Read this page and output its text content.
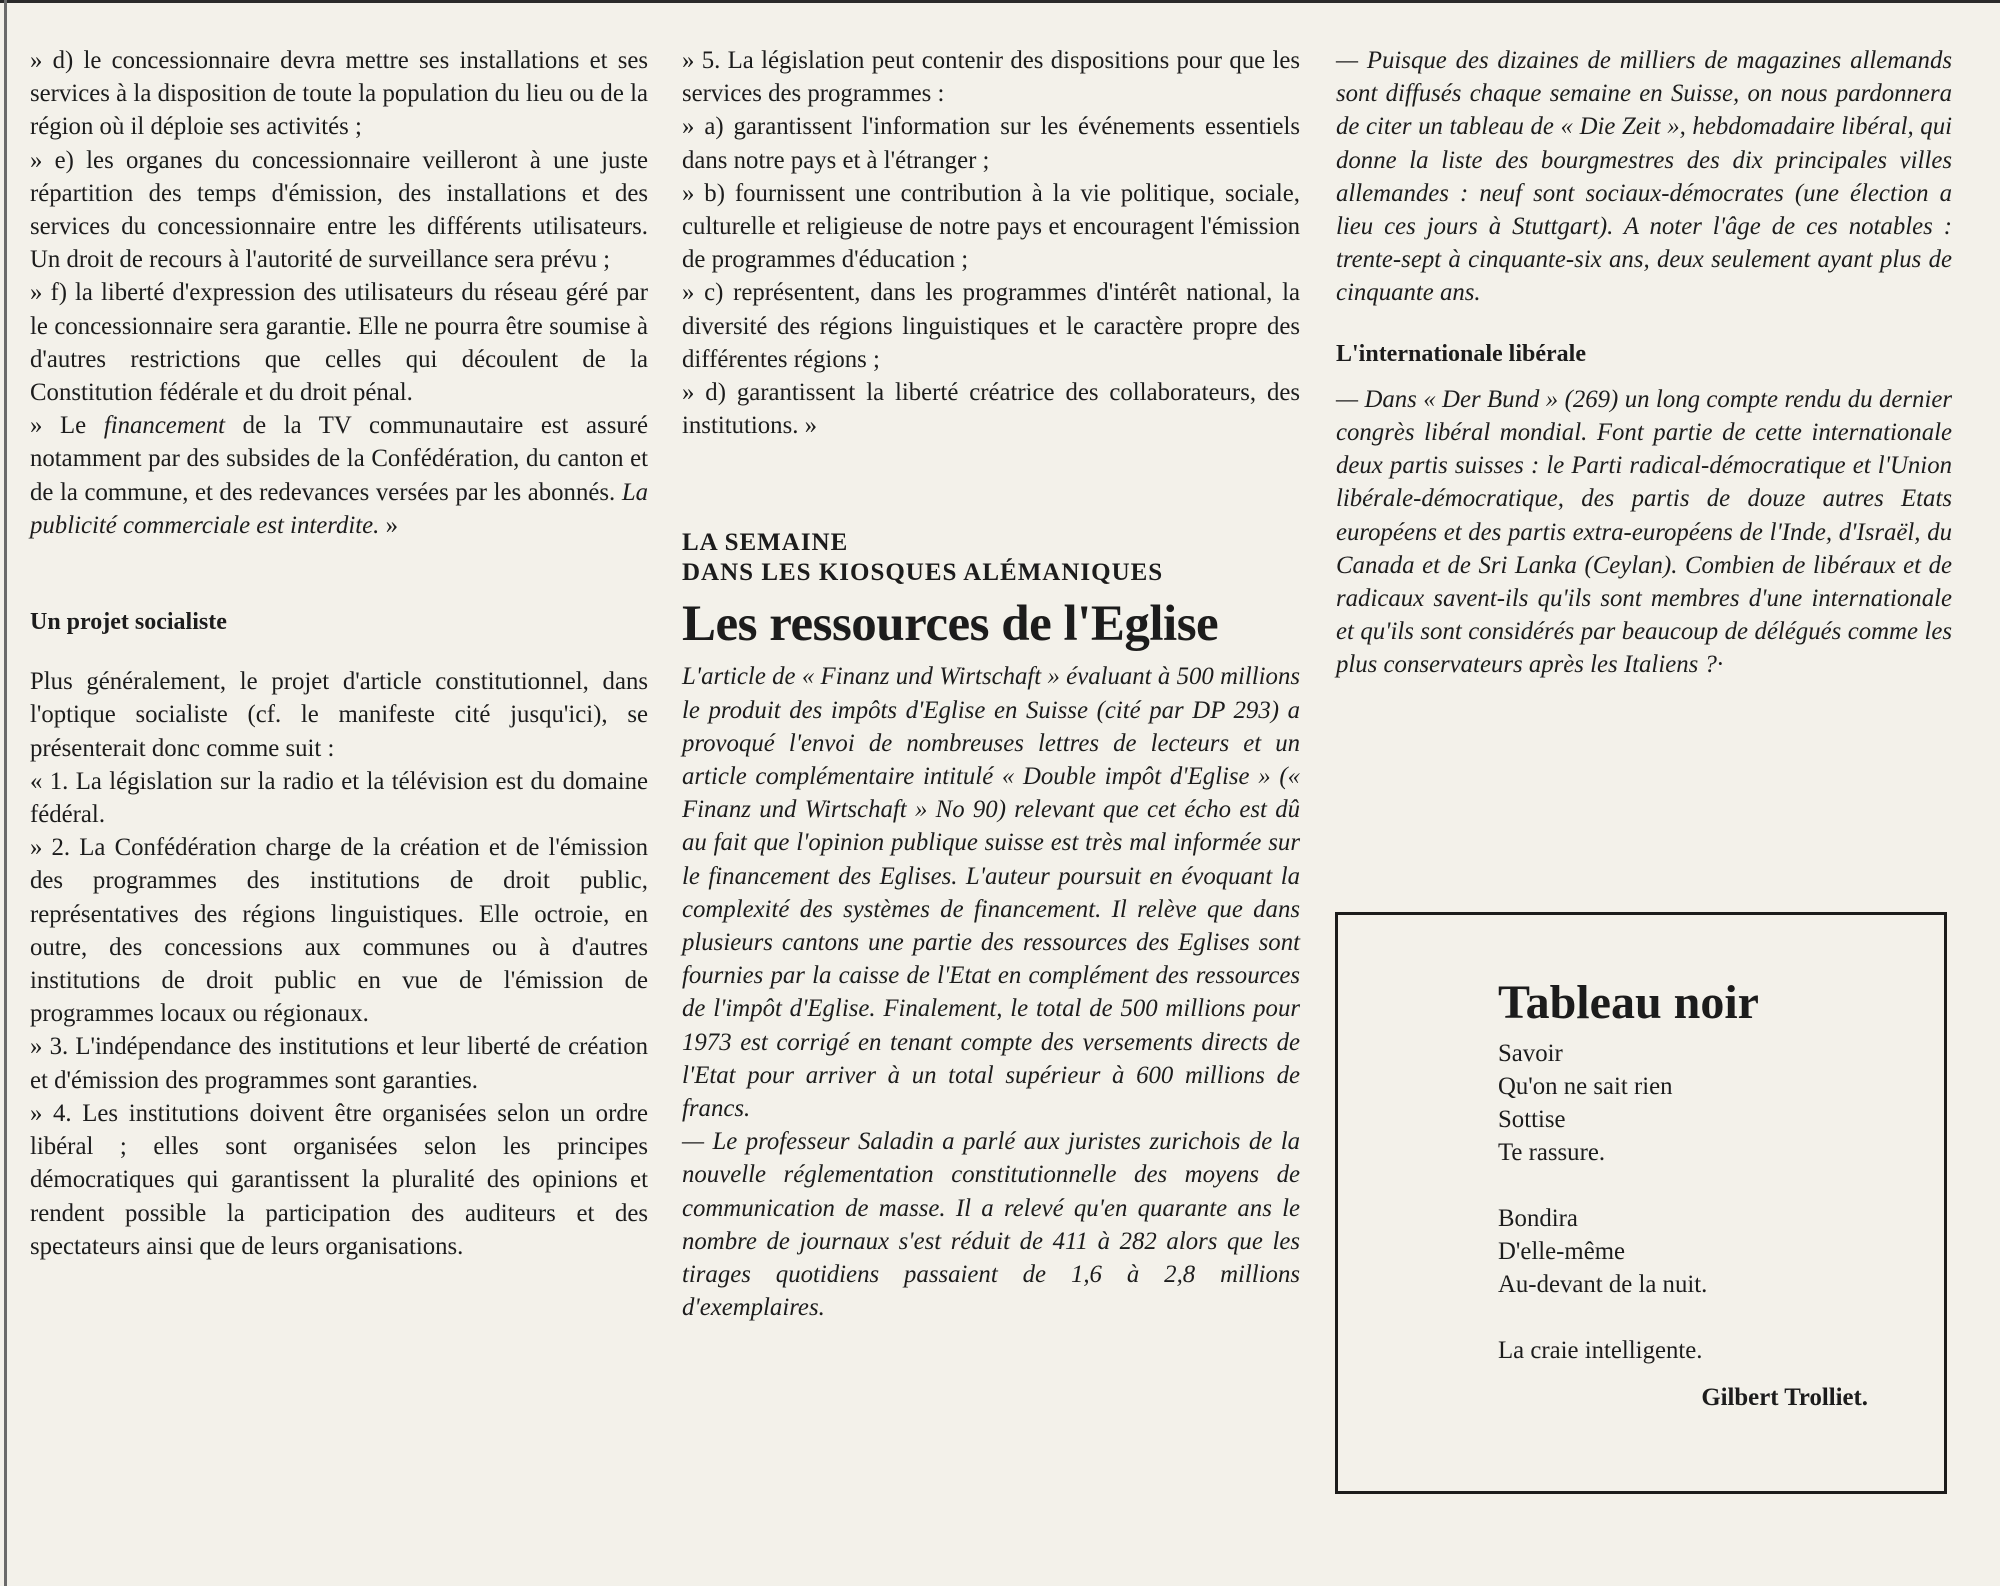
» d) le concessionnaire devra mettre ses installations et ses services à la disposition de toute la population du lieu ou de la région où il déploie ses activités ;

» e) les organes du concessionnaire veilleront à une juste répartition des temps d'émission, des installations et des services du concessionnaire entre les différents utilisateurs. Un droit de recours à l'autorité de surveillance sera prévu ;

» f) la liberté d'expression des utilisateurs du réseau géré par le concessionnaire sera garantie. Elle ne pourra être soumise à d'autres restrictions que celles qui découlent de la Constitution fédérale et du droit pénal.

» Le financement de la TV communautaire est assuré notamment par des subsides de la Confédération, du canton et de la commune, et des redevances versées par les abonnés. La publicité commerciale est interdite. »

Un projet socialiste

Plus généralement, le projet d'article constitutionnel, dans l'optique socialiste (cf. le manifeste cité jusqu'ici), se présenterait donc comme suit :

« 1. La législation sur la radio et la télévision est du domaine fédéral.

» 2. La Confédération charge de la création et de l'émission des programmes des institutions de droit public, représentatives des régions linguistiques. Elle octroie, en outre, des concessions aux communes ou à d'autres institutions de droit public en vue de l'émission de programmes locaux ou régionaux.

» 3. L'indépendance des institutions et leur liberté de création et d'émission des programmes sont garanties.

» 4. Les institutions doivent être organisées selon un ordre libéral ; elles sont organisées selon les principes démocratiques qui garantissent la pluralité des opinions et rendent possible la participation des auditeurs et des spectateurs ainsi que de leurs organisations.

» 5. La législation peut contenir des dispositions pour que les services des programmes :

» a) garantissent l'information sur les événements essentiels dans notre pays et à l'étranger ;

» b) fournissent une contribution à la vie politique, sociale, culturelle et religieuse de notre pays et encouragent l'émission de programmes d'éducation ;

» c) représentent, dans les programmes d'intérêt national, la diversité des régions linguistiques et le caractère propre des différentes régions ;

» d) garantissent la liberté créatrice des collaborateurs, des institutions. »

LA SEMAINE
DANS LES KIOSQUES ALÉMANIQUES
Les ressources de l'Eglise

L'article de « Finanz und Wirtschaft » évaluant à 500 millions le produit des impôts d'Eglise en Suisse (cité par DP 293) a provoqué l'envoi de nombreuses lettres de lecteurs et un article complémentaire intitulé « Double impôt d'Eglise » (« Finanz und Wirtschaft » No 90) relevant que cet écho est dû au fait que l'opinion publique suisse est très mal informée sur le financement des Eglises. L'auteur poursuit en évoquant la complexité des systèmes de financement. Il relève que dans plusieurs cantons une partie des ressources des Eglises sont fournies par la caisse de l'Etat en complément des ressources de l'impôt d'Eglise. Finalement, le total de 500 millions pour 1973 est corrigé en tenant compte des versements directs de l'Etat pour arriver à un total supérieur à 600 millions de francs.

— Le professeur Saladin a parlé aux juristes zurichois de la nouvelle réglementation constitutionnelle des moyens de communication de masse. Il a relevé qu'en quarante ans le nombre de journaux s'est réduit de 411 à 282 alors que les tirages quotidiens passaient de 1,6 à 2,8 millions d'exemplaires.

— Puisque des dizaines de milliers de magazines allemands sont diffusés chaque semaine en Suisse, on nous pardonnera de citer un tableau de « Die Zeit », hebdomadaire libéral, qui donne la liste des bourgmestres des dix principales villes allemandes : neuf sont sociaux-démocrates (une élection a lieu ces jours à Stuttgart). A noter l'âge de ces notables : trente-sept à cinquante-six ans, deux seulement ayant plus de cinquante ans.

L'internationale libérale

— Dans « Der Bund » (269) un long compte rendu du dernier congrès libéral mondial. Font partie de cette internationale deux partis suisses : le Parti radical-démocratique et l'Union libérale-démocratique, des partis de douze autres Etats européens et des partis extra-européens de l'Inde, d'Israël, du Canada et de Sri Lanka (Ceylan). Combien de libéraux et de radicaux savent-ils qu'ils sont membres d'une internationale et qu'ils sont considérés par beaucoup de délégués comme les plus conservateurs après les Italiens ?·

Tableau noir
Savoir
Qu'on ne sait rien
Sottise
Te rassure.
Bondira
D'elle-même
Au-devant de la nuit.
La craie intelligente.
Gilbert Trolliet.
